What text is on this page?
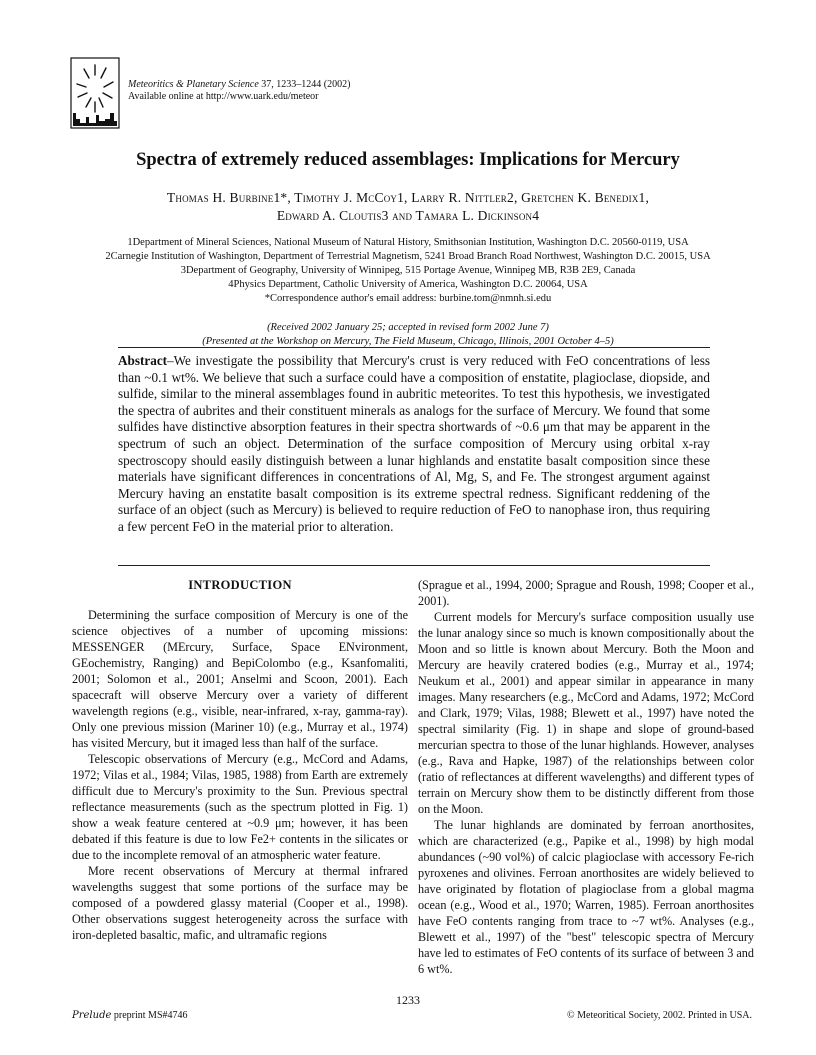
Meteoritics & Planetary Science 37, 1233–1244 (2002)
Available online at http://www.uark.edu/meteor
Spectra of extremely reduced assemblages: Implications for Mercury
Thomas H. Burbine1*, Timothy J. McCoy1, Larry R. Nittler2, Gretchen K. Benedix1,
Edward A. Cloutis3 and Tamara L. Dickinson4
1Department of Mineral Sciences, National Museum of Natural History, Smithsonian Institution, Washington D.C. 20560-0119, USA
2Carnegie Institution of Washington, Department of Terrestrial Magnetism, 5241 Broad Branch Road Northwest, Washington D.C. 20015, USA
3Department of Geography, University of Winnipeg, 515 Portage Avenue, Winnipeg MB, R3B 2E9, Canada
4Physics Department, Catholic University of America, Washington D.C. 20064, USA
*Correspondence author's email address: burbine.tom@nmnh.si.edu
(Received 2002 January 25; accepted in revised form 2002 June 7)
(Presented at the Workshop on Mercury, The Field Museum, Chicago, Illinois, 2001 October 4–5)
Abstract–We investigate the possibility that Mercury's crust is very reduced with FeO concentrations of less than ~0.1 wt%. We believe that such a surface could have a composition of enstatite, plagioclase, diopside, and sulfide, similar to the mineral assemblages found in aubritic meteorites. To test this hypothesis, we investigated the spectra of aubrites and their constituent minerals as analogs for the surface of Mercury. We found that some sulfides have distinctive absorption features in their spectra shortwards of ~0.6 μm that may be apparent in the spectrum of such an object. Determination of the surface composition of Mercury using orbital x-ray spectroscopy should easily distinguish between a lunar highlands and enstatite basalt composition since these materials have significant differences in concentrations of Al, Mg, S, and Fe. The strongest argument against Mercury having an enstatite basalt composition is its extreme spectral redness. Significant reddening of the surface of an object (such as Mercury) is believed to require reduction of FeO to nanophase iron, thus requiring a few percent FeO in the material prior to alteration.
INTRODUCTION

Determining the surface composition of Mercury is one of the science objectives of a number of upcoming missions: MESSENGER (MErcury, Surface, Space ENvironment, GEochemistry, Ranging) and BepiColombo (e.g., Ksanfomaliti, 2001; Solomon et al., 2001; Anselmi and Scoon, 2001). Each spacecraft will observe Mercury over a variety of different wavelength regions (e.g., visible, near-infrared, x-ray, gamma-ray). Only one previous mission (Mariner 10) (e.g., Murray et al., 1974) has visited Mercury, but it imaged less than half of the surface.

Telescopic observations of Mercury (e.g., McCord and Adams, 1972; Vilas et al., 1984; Vilas, 1985, 1988) from Earth are extremely difficult due to Mercury's proximity to the Sun. Previous spectral reflectance measurements (such as the spectrum plotted in Fig. 1) show a weak feature centered at ~0.9 μm; however, it has been debated if this feature is due to low Fe2+ contents in the silicates or due to the incomplete removal of an atmospheric water feature.

More recent observations of Mercury at thermal infrared wavelengths suggest that some portions of the surface may be composed of a powdered glassy material (Cooper et al., 1998). Other observations suggest heterogeneity across the surface with iron-depleted basaltic, mafic, and ultramafic regions

(Sprague et al., 1994, 2000; Sprague and Roush, 1998; Cooper et al., 2001).

Current models for Mercury's surface composition usually use the lunar analogy since so much is known compositionally about the Moon and so little is known about Mercury. Both the Moon and Mercury are heavily cratered bodies (e.g., Murray et al., 1974; Neukum et al., 2001) and appear similar in appearance in many images. Many researchers (e.g., McCord and Adams, 1972; McCord and Clark, 1979; Vilas, 1988; Blewett et al., 1997) have noted the spectral similarity (Fig. 1) in shape and slope of ground-based mercurian spectra to those of the lunar highlands. However, analyses (e.g., Rava and Hapke, 1987) of the relationships between color (ratio of reflectances at different wavelengths) and different types of terrain on Mercury show them to be distinctly different from those on the Moon.

The lunar highlands are dominated by ferroan anorthosites, which are characterized (e.g., Papike et al., 1998) by high modal abundances (~90 vol%) of calcic plagioclase with accessory Fe-rich pyroxenes and olivines. Ferroan anorthosites are widely believed to have originated by flotation of plagioclase from a global magma ocean (e.g., Wood et al., 1970; Warren, 1985). Ferroan anorthosites have FeO contents ranging from trace to ~7 wt%. Analyses (e.g., Blewett et al., 1997) of the "best" telescopic spectra of Mercury have led to estimates of FeO contents of its surface of between 3 and 6 wt%.

1233
Prelude preprint MS#4746	© Meteoritical Society, 2002. Printed in USA.
